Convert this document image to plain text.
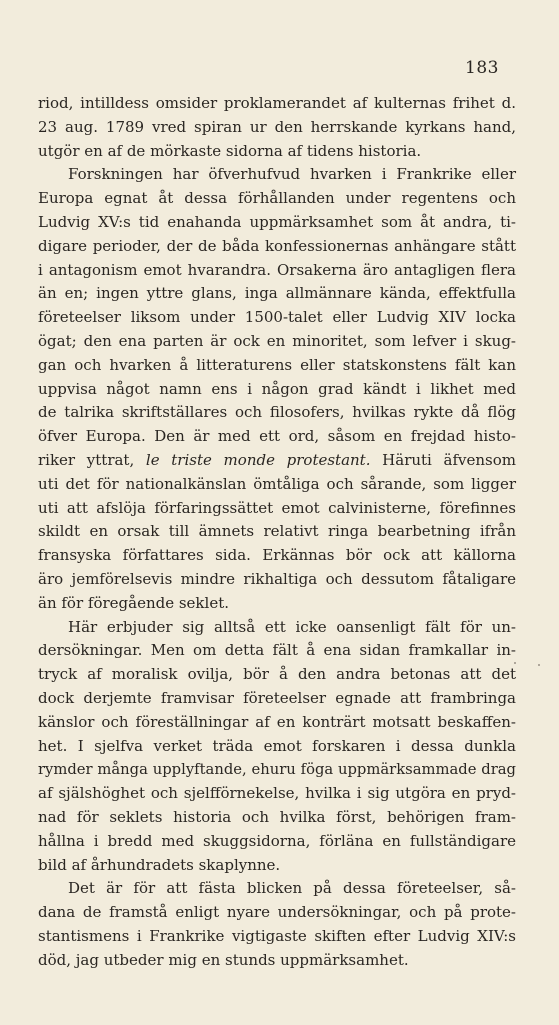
183
riod, intilldess omsider proklamerandet af kulternas frihet d.
23 aug. 1789 vred spiran ur den herrskande kyrkans hand,
utgör en af de mörkaste sidorna af tidens historia.
Forskningen har öfverhufvud hvarken i Frankrike eller
Europa egnat åt dessa förhållanden under regentens och
Ludvig XV:s tid enahanda uppmärksamhet som åt andra, ti-
digare perioder, der de båda konfessionernas anhängare stått
i antagonism emot hvarandra. Orsakerna äro antagligen flera
än en; ingen yttre glans, inga allmännare kända, effektfulla
företeelser liksom under 1500-talet eller Ludvig XIV locka
ögat; den ena parten är ock en minoritet, som lefver i skug-
gan och hvarken å litteraturens eller statskonstens fält kan
uppvisa något namn ens i någon grad kändt i likhet med
de talrika skriftställares och filosofers, hvilkas rykte då flög
öfver Europa. Den är med ett ord, såsom en frejdad histo-
riker yttrat, le triste monde protestant. Häruti äfvensom
uti det för nationalkänslan ömtåliga och sårande, som ligger
uti att afslöja förfaringssättet emot calvinisterne, förefinnes
skildt en orsak till ämnets relativt ringa bearbetning ifrån
fransyska författares sida. Erkännas bör ock att källorna
äro jemförelsevis mindre rikhaltiga och dessutom fåtaligare
än för föregående seklet.
Här erbjuder sig alltså ett icke oansenligt fält för un-
dersökningar. Men om detta fält å ena sidan framkallar in-
tryck af moralisk ovilja, bör å den andra betonas att det
dock derjemte framvisar företeelser egnade att frambringa
känslor och föreställningar af en konträrt motsatt beskaffen-
het. I sjelfva verket träda emot forskaren i dessa dunkla
rymder många upplyftande, ehuru föga uppmärksammade drag
af själshöghet och sjelfförnekelse, hvilka i sig utgöra en pryd-
nad för seklets historia och hvilka först, behörigen fram-
hållna i bredd med skuggsidorna, förläna en fullständigare
bild af århundradets skaplynne.
Det är för att fästa blicken på dessa företeelser, så-
dana de framstå enligt nyare undersökningar, och på prote-
stantismens i Frankrike vigtigaste skiften efter Ludvig XIV:s
död, jag utbeder mig en stunds uppmärksamhet.
